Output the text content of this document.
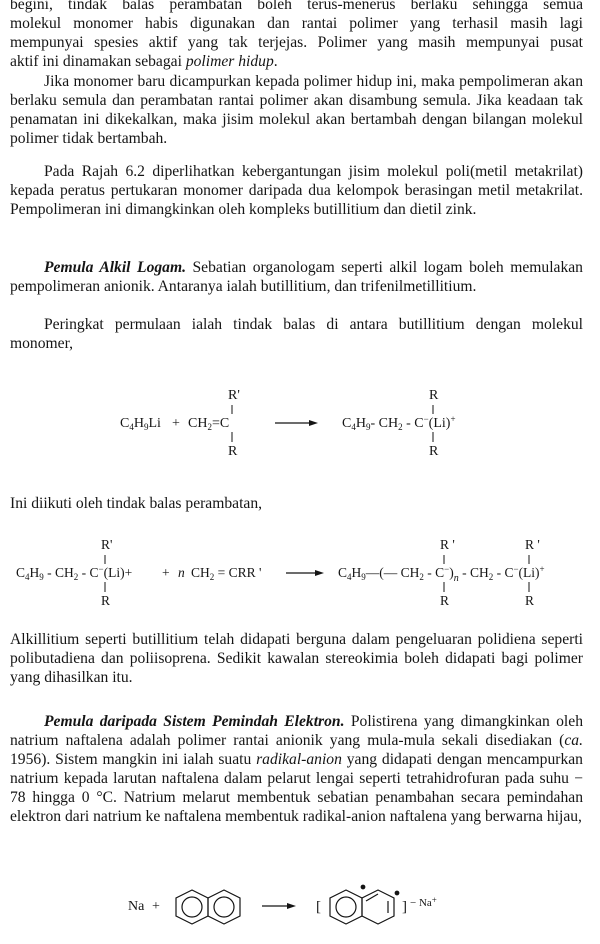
begini, tindak balas perambatan boleh terus-menerus berlaku sehingga semua

molekul monomer habis digunakan dan rantai polimer yang terhasil masih lagi

mempunyai spesies aktif yang tak terjejas. Polimer yang masih mempunyai pusat

aktif ini dinamakan sebagai polimer hidup.

Jika monomer baru dicampurkan kepada polimer hidup ini, maka pempolimeran akan berlaku semula dan perambatan rantai polimer akan disambung semula. Jika keadaan tak penamatan ini dikekalkan, maka jisim molekul akan bertambah dengan bilangan molekul polimer tidak bertambah.

Pada Rajah 6.2 diperlihatkan kebergantungan jisim molekul poli(metil metakrilat) kepada peratus pertukaran monomer daripada dua kelompok berasingan metil metakrilat. Pempolimeran ini dimangkinkan oleh kompleks butillitium dan dietil zink.

Pemula Alkil Logam. Sebatian organologam seperti alkil logam boleh memulakan pempolimeran anionik. Antaranya ialah butillitium, dan trifenilmetillitium.

Peringkat permulaan ialah tindak balas di antara butillitium dengan molekul monomer,

Ini diikuti oleh tindak balas perambatan,

Alkillitium seperti butillitium telah didapati berguna dalam pengeluaran polidiena seperti polibutadiena dan poliisoprena. Sedikit kawalan stereokimia boleh didapati bagi polimer yang dihasilkan itu.

Pemula daripada Sistem Pemindah Elektron. Polistirena yang dimangkinkan oleh natrium naftalena adalah polimer rantai anionik yang mula-mula sekali disediakan (ca. 1956). Sistem mangkin ini ialah suatu radikal-anion yang didapati dengan mencampurkan natrium kepada larutan naftalena dalam pelarut lengai seperti tetrahidrofuran pada suhu − 78 hingga 0 °C. Natrium melarut membentuk sebatian penambahan secara pemindahan elektron dari natrium ke naftalena membentuk radikal-anion naftalena yang berwarna hijau,

$C_4H_9Li + CH_2=C$
R'
R
$C_4H_9-$ $CH_2 - C^-(Li)^+$
R
R
$C_4H_9 - CH_2 - C^-(Li)+$
R'
R
+ n $CH_2$ = CRR '	$C_4H_9—(—$ $CH_2 - C^-)_n - CH_2 - C^-(Li)^+$
R '
R
R '
R
Na +	[	] $^{- Na+}$
